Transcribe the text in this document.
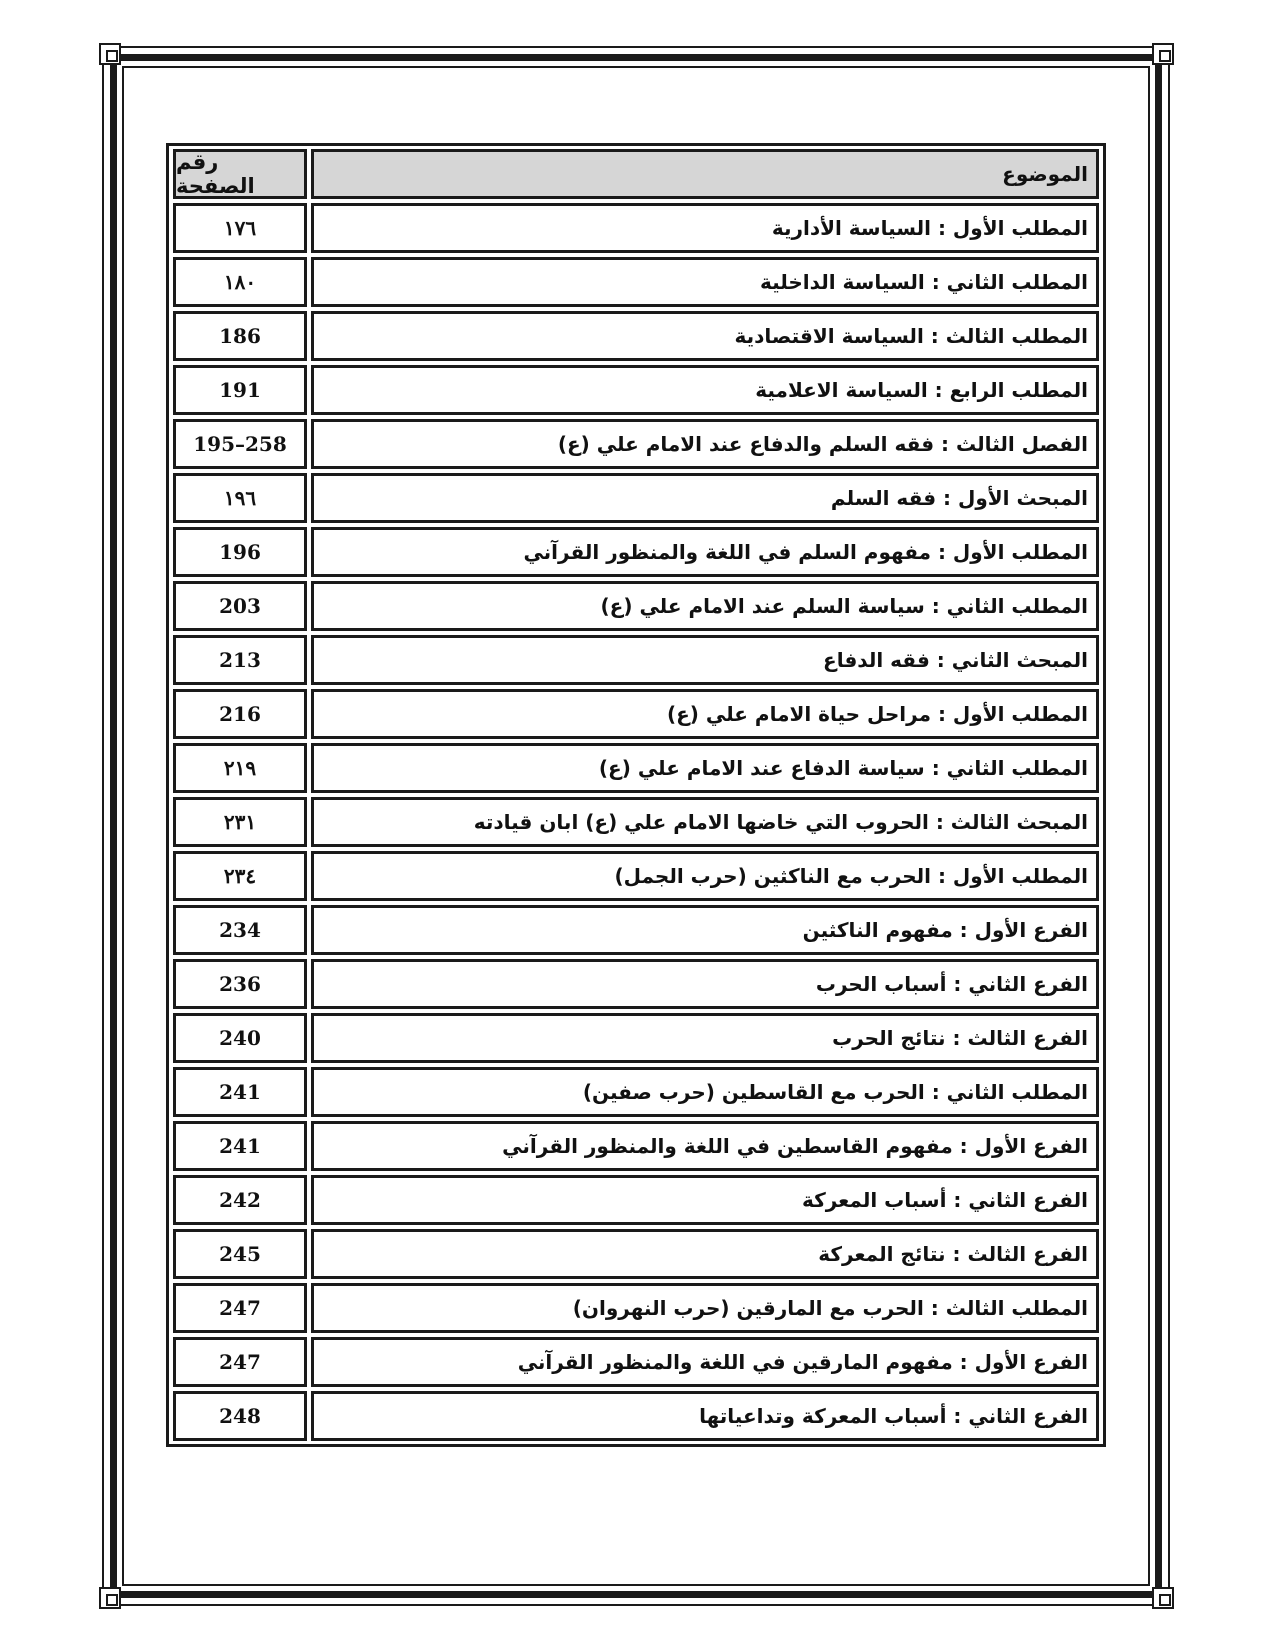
الموضوع
رقم الصفحة
المطلب الأول : السياسة الأدارية
١٧٦
المطلب الثاني : السياسة الداخلية
١٨٠
المطلب الثالث : السياسة الاقتصادية
186
المطلب الرابع : السياسة الاعلامية
191
الفصل الثالث : فقه السلم والدفاع عند الامام علي (ع)
195–258
المبحث الأول : فقه السلم
١٩٦
المطلب الأول : مفهوم السلم في اللغة والمنظور القرآني
196
المطلب الثاني : سياسة السلم عند الامام علي (ع)
203
المبحث الثاني : فقه الدفاع
213
المطلب الأول : مراحل حياة الامام علي (ع)
216
المطلب الثاني : سياسة الدفاع عند الامام علي (ع)
٢١٩
المبحث الثالث : الحروب التي خاضها الامام علي (ع) ابان قيادته
٢٣١
المطلب الأول : الحرب مع الناكثين (حرب الجمل)
٢٣٤
الفرع الأول : مفهوم الناكثين
234
الفرع الثاني : أسباب الحرب
236
الفرع الثالث : نتائج الحرب
240
المطلب الثاني : الحرب مع القاسطين (حرب صفين)
241
الفرع الأول : مفهوم القاسطين في اللغة والمنظور القرآني
241
الفرع الثاني : أسباب المعركة
242
الفرع الثالث : نتائج المعركة
245
المطلب الثالث : الحرب مع المارقين (حرب النهروان)
247
الفرع الأول : مفهوم المارقين في اللغة والمنظور القرآني
247
الفرع الثاني : أسباب المعركة وتداعياتها
248
